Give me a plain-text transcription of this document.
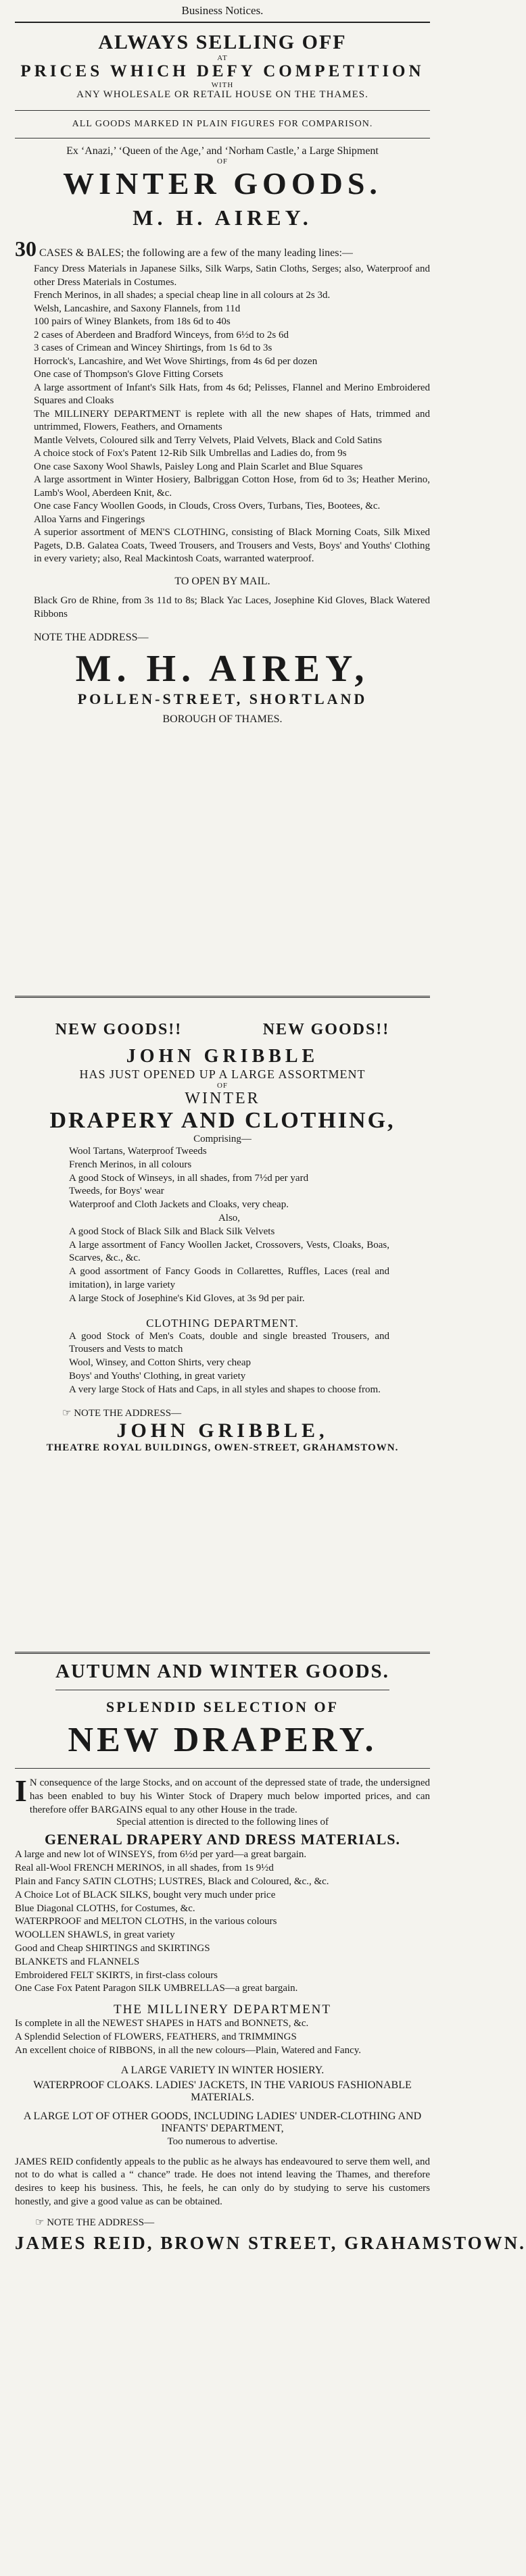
Business Notices.
ALWAYS SELLING OFF
AT
PRICES WHICH DEFY COMPETITION
WITH
ANY WHOLESALE OR RETAIL HOUSE ON THE THAMES.
ALL GOODS MARKED IN PLAIN FIGURES FOR COMPARISON.
Ex ‘Anazi,’ ‘Queen of the Age,’ and ‘Norham Castle,’ a Large Shipment
OF
WINTER GOODS.
M. H. AIREY.
30 CASES & BALES; the following are a few of the many leading lines:—
Fancy Dress Materials in Japanese Silks, Silk Warps, Satin Cloths, Serges; also, Waterproof and other Dress Materials in Costumes.
French Merinos, in all shades; a special cheap line in all colours at 2s 3d.
Welsh, Lancashire, and Saxony Flannels, from 11d
100 pairs of Winey Blankets, from 18s 6d to 40s
2 cases of Aberdeen and Bradford Winceys, from 6½d to 2s 6d
3 cases of Crimean and Wincey Shirtings, from 1s 6d to 3s
Horrock's, Lancashire, and Wet Wove Shirtings, from 4s 6d per dozen
One case of Thompson's Glove Fitting Corsets
A large assortment of Infant's Silk Hats, from 4s 6d; Pelisses, Flannel and Merino Embroidered Squares and Cloaks
The MILLINERY DEPARTMENT is replete with all the new shapes of Hats, trimmed and untrimmed, Flowers, Feathers, and Ornaments
Mantle Velvets, Coloured silk and Terry Velvets, Plaid Velvets, Black and Cold Satins
A choice stock of Fox's Patent 12-Rib Silk Umbrellas and Ladies do, from 9s
One case Saxony Wool Shawls, Paisley Long and Plain Scarlet and Blue Squares
A large assortment in Winter Hosiery, Balbriggan Cotton Hose, from 6d to 3s; Heather Merino, Lamb's Wool, Aberdeen Knit, &c.
One case Fancy Woollen Goods, in Clouds, Cross Overs, Turbans, Ties, Bootees, &c.
Alloa Yarns and Fingerings
A superior assortment of MEN'S CLOTHING, consisting of Black Morning Coats, Silk Mixed Pagets, D.B. Galatea Coats, Tweed Trousers, and Trousers and Vests, Boys' and Youths' Clothing in every variety; also, Real Mackintosh Coats, warranted waterproof.
TO OPEN BY MAIL.
Black Gro de Rhine, from 3s 11d to 8s; Black Yac Laces, Josephine Kid Gloves, Black Watered Ribbons
NOTE THE ADDRESS—
M. H. AIREY,
POLLEN-STREET, SHORTLAND
BOROUGH OF THAMES.
NEW GOODS!!	NEW GOODS!!
JOHN GRIBBLE
HAS JUST OPENED UP A LARGE ASSORTMENT
OF
WINTER
DRAPERY AND CLOTHING,
Comprising—
Wool Tartans, Waterproof Tweeds
French Merinos, in all colours
A good Stock of Winseys, in all shades, from 7½d per yard
Tweeds, for Boys' wear
Waterproof and Cloth Jackets and Cloaks, very cheap.
Also,
A good Stock of Black Silk and Black Silk Velvets
A large assortment of Fancy Woollen Jacket, Crossovers, Vests, Cloaks, Boas, Scarves, &c., &c.
A good assortment of Fancy Goods in Collarettes, Ruffles, Laces (real and imitation), in large variety
A large Stock of Josephine's Kid Gloves, at 3s 9d per pair.
CLOTHING DEPARTMENT.
A good Stock of Men's Coats, double and single breasted Trousers, and Trousers and Vests to match
Wool, Winsey, and Cotton Shirts, very cheap
Boys' and Youths' Clothing, in great variety
A very large Stock of Hats and Caps, in all styles and shapes to choose from.
☞ NOTE THE ADDRESS—
JOHN GRIBBLE,
THEATRE ROYAL BUILDINGS, OWEN-STREET, GRAHAMSTOWN.
AUTUMN AND WINTER GOODS.
SPLENDID SELECTION OF
NEW DRAPERY.
I N consequence of the large Stocks, and on account of the depressed state of trade, the undersigned has been enabled to buy his Winter Stock of Drapery much below imported prices, and can therefore offer BARGAINS equal to any other House in the trade.
Special attention is directed to the following lines of
GENERAL DRAPERY AND DRESS MATERIALS.
A large and new lot of WINSEYS, from 6½d per yard—a great bargain.
Real all-Wool FRENCH MERINOS, in all shades, from 1s 9½d
Plain and Fancy SATIN CLOTHS; LUSTRES, Black and Coloured, &c., &c.
A Choice Lot of BLACK SILKS, bought very much under price
Blue Diagonal CLOTHS, for Costumes, &c.
WATERPROOF and MELTON CLOTHS, in the various colours
WOOLLEN SHAWLS, in great variety
Good and Cheap SHIRTINGS and SKIRTINGS
BLANKETS and FLANNELS
Embroidered FELT SKIRTS, in first-class colours
One Case Fox Patent Paragon SILK UMBRELLAS—a great bargain.
THE MILLINERY DEPARTMENT
Is complete in all the NEWEST SHAPES in HATS and BONNETS, &c.
A Splendid Selection of FLOWERS, FEATHERS, and TRIMMINGS
An excellent choice of RIBBONS, in all the new colours—Plain, Watered and Fancy.
A LARGE VARIETY IN WINTER HOSIERY.
WATERPROOF CLOAKS. LADIES' JACKETS, IN THE VARIOUS FASHIONABLE MATERIALS.
A LARGE LOT OF OTHER GOODS, INCLUDING LADIES' UNDER-CLOTHING AND INFANTS' DEPARTMENT,
Too numerous to advertise.
JAMES REID confidently appeals to the public as he always has endeavoured to serve them well, and not to do what is called a “ chance” trade. He does not intend leaving the Thames, and therefore desires to keep his business. This, he feels, he can only do by studying to serve his customers honestly, and give a good value as can be obtained.
☞ NOTE THE ADDRESS—
JAMES REID, BROWN STREET, GRAHAMSTOWN.
